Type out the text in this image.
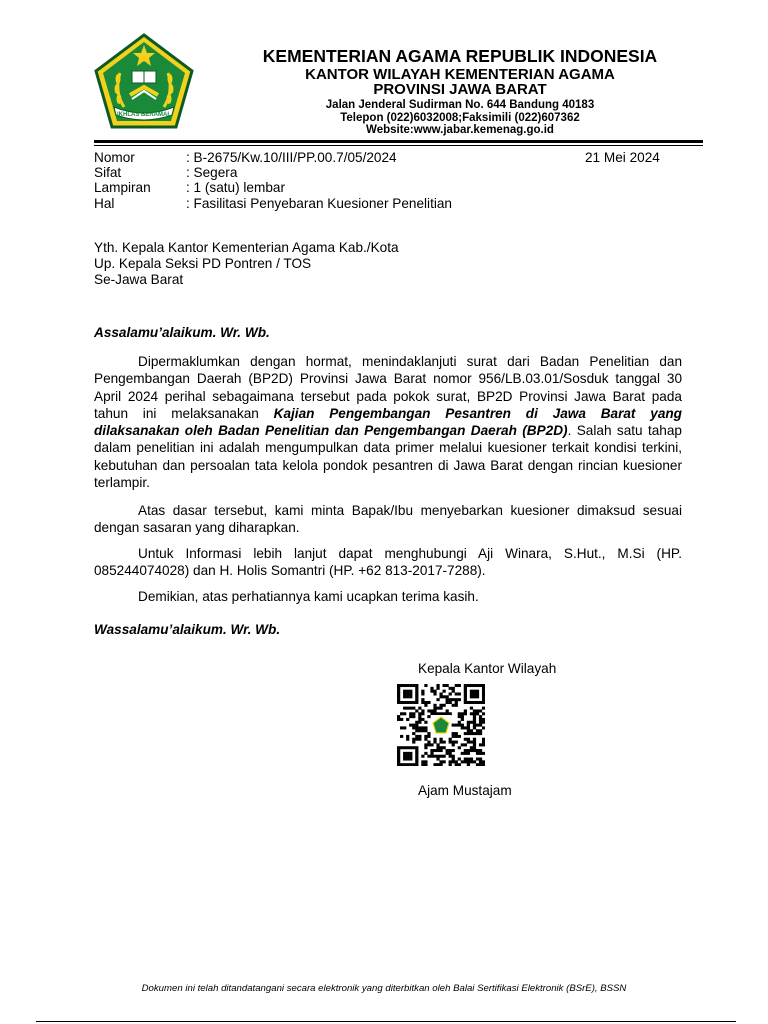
IKHLAS BERAMAL
KEMENTERIAN AGAMA REPUBLIK INDONESIA
KANTOR WILAYAH KEMENTERIAN AGAMA
PROVINSI JAWA BARAT
Jalan Jenderal Sudirman No. 644 Bandung 40183
Telepon (022)6032008;Faksimili (022)607362
Website:www.jabar.kemenag.go.id
Nomor	: B-2675/Kw.10/III/PP.00.7/05/2024	21 Mei 2024
Sifat	: Segera
Lampiran	: 1 (satu) lembar
Hal	: Fasilitasi Penyebaran Kuesioner Penelitian
Yth. Kepala Kantor Kementerian Agama Kab./Kota
Up. Kepala Seksi PD Pontren / TOS
Se-Jawa Barat
Assalamu’alaikum. Wr. Wb.
Dipermaklumkan dengan hormat, menindaklanjuti surat dari Badan Penelitian dan
Pengembangan Daerah (BP2D) Provinsi Jawa Barat nomor 956/LB.03.01/Sosduk tanggal 30
April 2024 perihal sebagaimana tersebut pada pokok surat, BP2D Provinsi Jawa Barat pada
tahun ini melaksanakan Kajian Pengembangan Pesantren di Jawa Barat yang
dilaksanakan oleh Badan Penelitian dan Pengembangan Daerah (BP2D). Salah satu tahap
dalam penelitian ini adalah mengumpulkan data primer melalui kuesioner terkait kondisi terkini,
kebutuhan dan persoalan tata kelola pondok pesantren di Jawa Barat dengan rincian kuesioner
terlampir.
Atas dasar tersebut, kami minta Bapak/Ibu menyebarkan kuesioner dimaksud sesuai
dengan sasaran yang diharapkan.
Untuk Informasi lebih lanjut dapat menghubungi Aji Winara, S.Hut., M.Si (HP.
085244074028) dan H. Holis Somantri (HP. +62 813-2017-7288).
Demikian, atas perhatiannya kami ucapkan terima kasih.
Wassalamu’alaikum. Wr. Wb.
Kepala Kantor Wilayah
Ajam Mustajam
Dokumen ini telah ditandatangani secara elektronik yang diterbitkan oleh Balai Sertifikasi Elektronik (BSrE), BSSN
